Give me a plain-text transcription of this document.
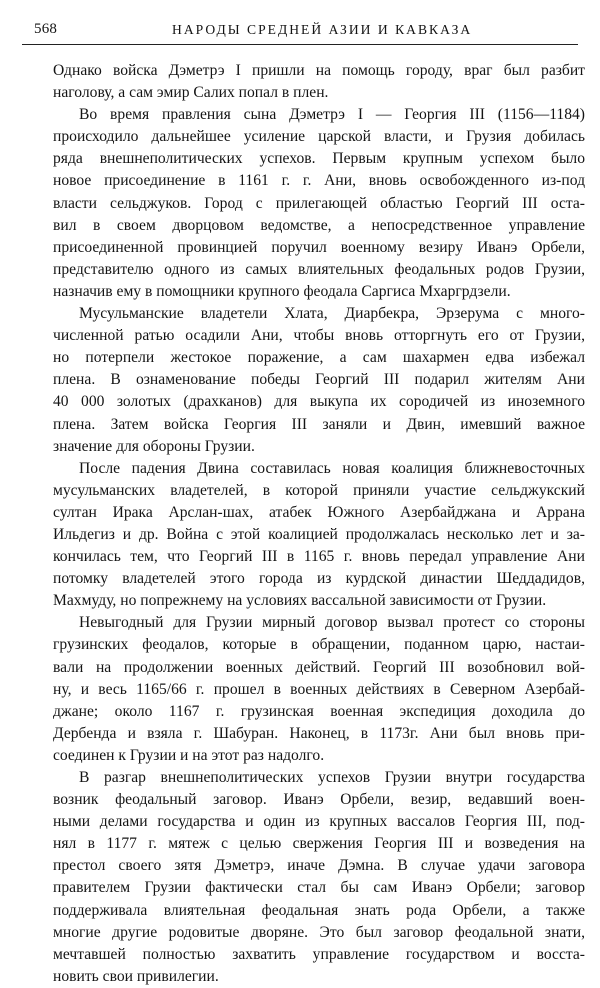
568	НАРОДЫ СРЕДНЕЙ АЗИИ И КАВКАЗА
Однако войска Дэметрэ I пришли на помощь городу, враг был разбит
наголову, а сам эмир Салих попал в плен.
Во время правления сына Дэметрэ I — Георгия III (1156—1184)
происходило дальнейшее усиление царской власти, и Грузия добилась
ряда внешнеполитических успехов. Первым крупным успехом было
новое присоединение в 1161 г. г. Ани, вновь освобожденного из-под
власти сельджуков. Город с прилегающей областью Георгий III оста-
вил в своем дворцовом ведомстве, а непосредственное управление
присоединенной провинцией поручил военному везиру Иванэ Орбели,
представителю одного из самых влиятельных феодальных родов Грузии,
назначив ему в помощники крупного феодала Саргиса Мхаргрдзели.
Мусульманские владетели Хлата, Диарбекра, Эрзерума с много-
численной ратью осадили Ани, чтобы вновь отторгнуть его от Грузии,
но потерпели жестокое поражение, а сам шахармен едва избежал
плена. В ознаменование победы Георгий III подарил жителям Ани
40 000 золотых (драхканов) для выкупа их сородичей из иноземного
плена. Затем войска Георгия III заняли и Двин, имевший важное
значение для обороны Грузии.
После падения Двина составилась новая коалиция ближневосточных
мусульманских владетелей, в которой приняли участие сельджукский
султан Ирака Арслан-шах, атабек Южного Азербайджана и Аррана
Ильдегиз и др. Война с этой коалицией продолжалась несколько лет и за-
кончилась тем, что Георгий III в 1165 г. вновь передал управление Ани
потомку владетелей этого города из курдской династии Шеддадидов,
Махмуду, но попрежнему на условиях вассальной зависимости от Грузии.
Невыгодный для Грузии мирный договор вызвал протест со стороны
грузинских феодалов, которые в обращении, поданном царю, настаи-
вали на продолжении военных действий. Георгий III возобновил вой-
ну, и весь 1165/66 г. прошел в военных действиях в Северном Азербай-
джане; около 1167 г. грузинская военная экспедиция доходила до
Дербенда и взяла г. Шабуран. Наконец, в 1173г. Ани был вновь при-
соединен к Грузии и на этот раз надолго.
В разгар внешнеполитических успехов Грузии внутри государства
возник феодальный заговор. Иванэ Орбели, везир, ведавший воен-
ными делами государства и один из крупных вассалов Георгия III, под-
нял в 1177 г. мятеж с целью свержения Георгия III и возведения на
престол своего зятя Дэметрэ, иначе Дэмна. В случае удачи заговора
правителем Грузии фактически стал бы сам Иванэ Орбели; заговор
поддерживала влиятельная феодальная знать рода Орбели, а также
многие другие родовитые дворяне. Это был заговор феодальной знати,
мечтавшей полностью захватить управление государством и восста-
новить свои привилегии.
